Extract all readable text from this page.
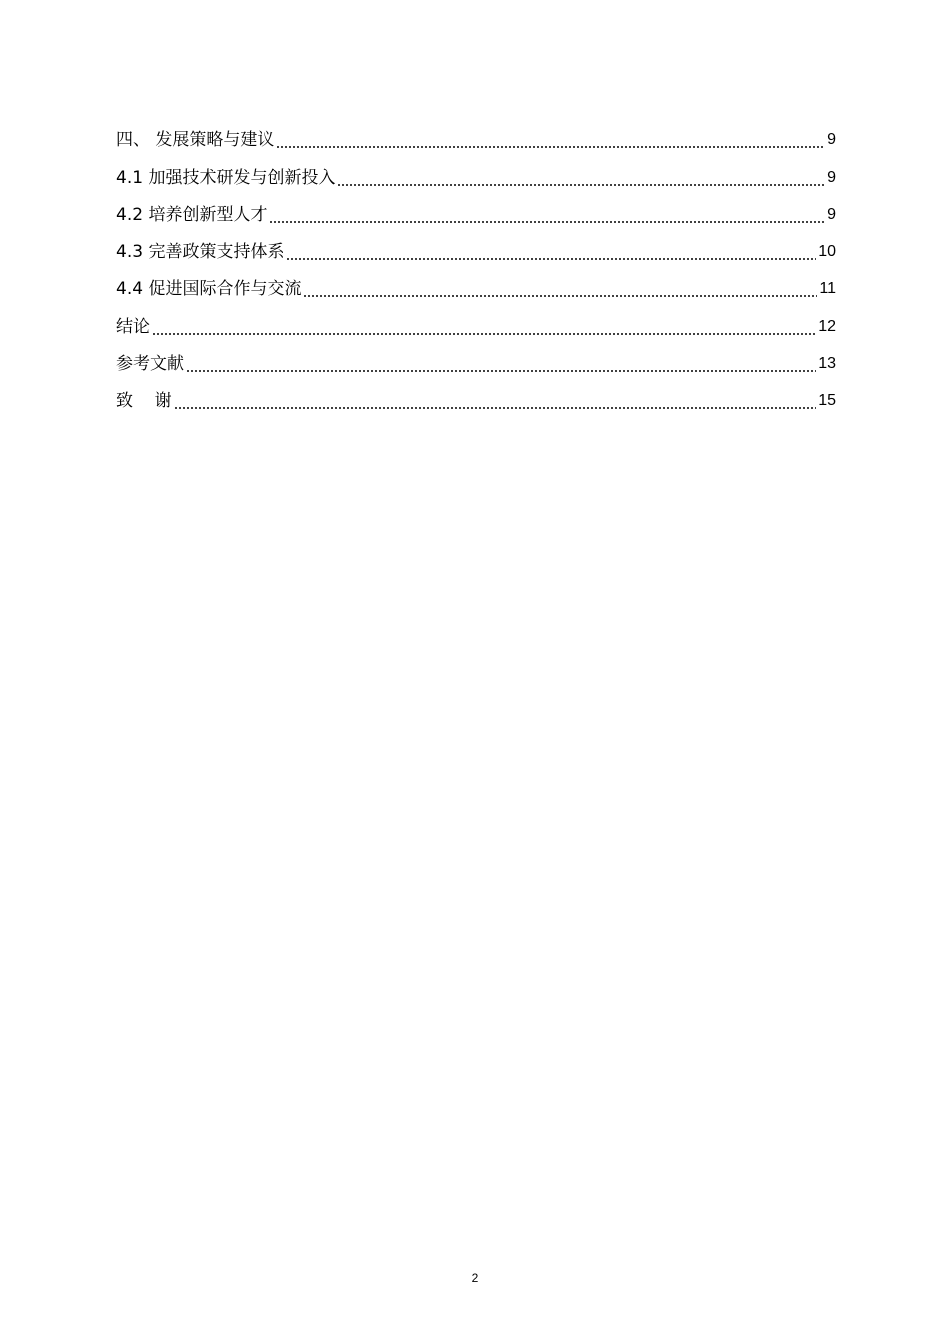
四、 发展策略与建议	9
4.1 加强技术研发与创新投入	9
4.2 培养创新型人才	9
4.3 完善政策支持体系	10
4.4 促进国际合作与交流	11
结论	12
参考文献	13
致    谢	15
2
